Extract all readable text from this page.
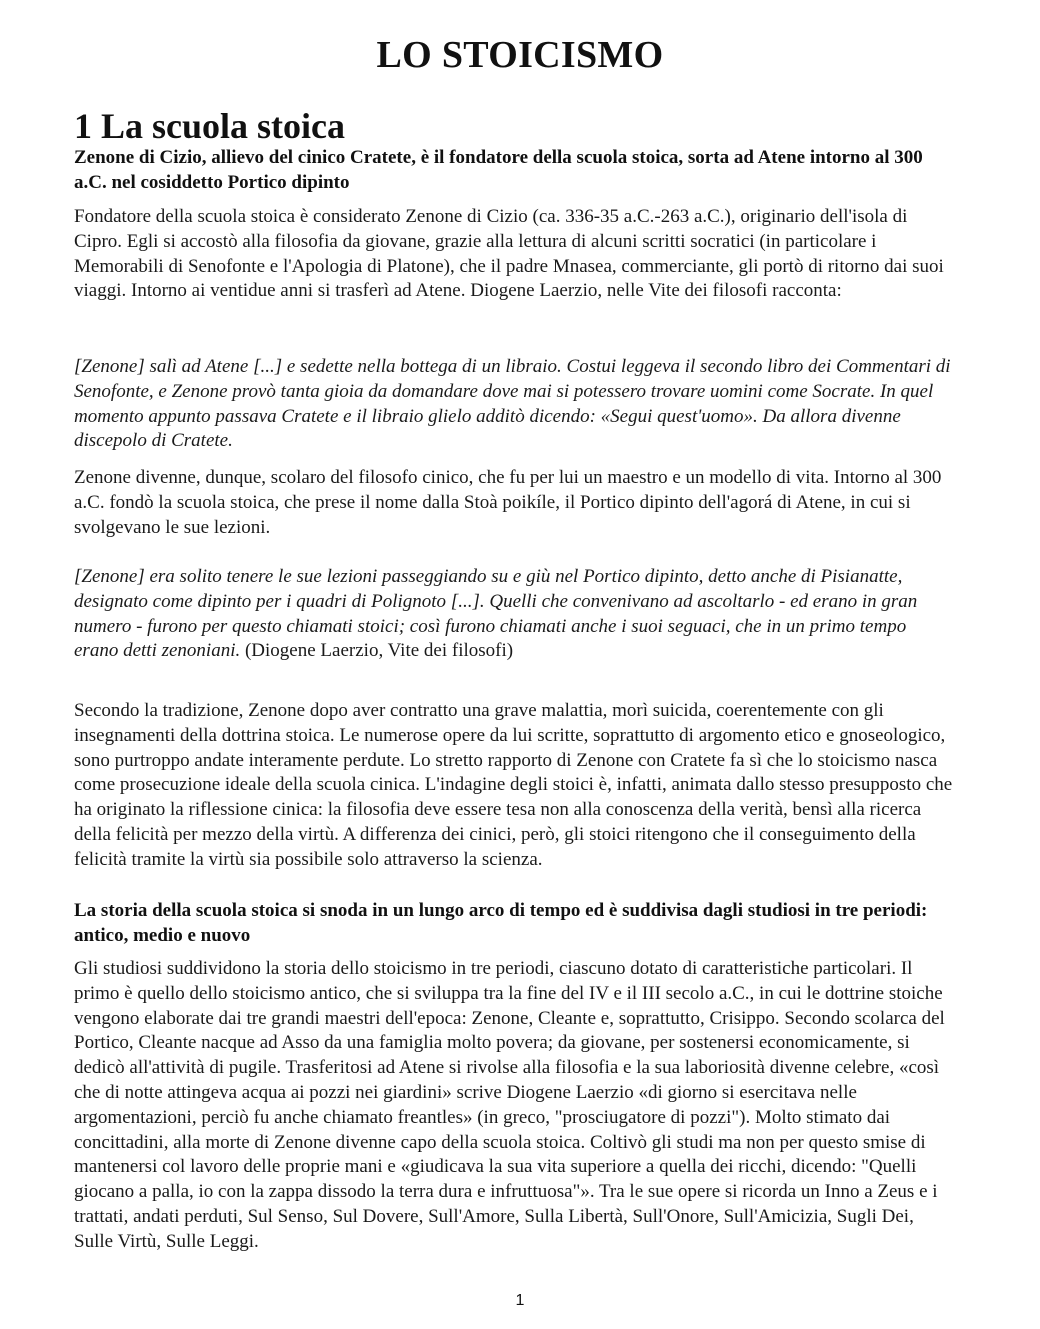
LO STOICISMO
1 La scuola stoica

Zenone di Cizio, allievo del cinico Cratete, è il fondatore della scuola stoica, sorta ad Atene intorno al 300 a.C. nel cosiddetto Portico dipinto

Fondatore della scuola stoica è considerato Zenone di Cizio (ca. 336-35 a.C.-263 a.C.), originario dell'isola di Cipro. Egli si accostò alla filosofia da giovane, grazie alla lettura di alcuni scritti socratici (in particolare i Memorabili di Senofonte e l'Apologia di Platone), che il padre Mnasea, commerciante, gli portò di ritorno dai suoi viaggi. Intorno ai ventidue anni si trasferì ad Atene. Diogene Laerzio, nelle Vite dei filosofi racconta:

[Zenone] salì ad Atene [...] e sedette nella bottega di un libraio. Costui leggeva il secondo libro dei Commentari di Senofonte, e Zenone provò tanta gioia da domandare dove mai si potessero trovare uomini come Socrate. In quel momento appunto passava Cratete e il libraio glielo additò dicendo: «Segui quest'uomo». Da allora divenne discepolo di Cratete.

Zenone divenne, dunque, scolaro del filosofo cinico, che fu per lui un maestro e un modello di vita. Intorno al 300 a.C. fondò la scuola stoica, che prese il nome dalla Stoà poikíle, il Portico dipinto dell'agorá di Atene, in cui si svolgevano le sue lezioni.

[Zenone] era solito tenere le sue lezioni passeggiando su e giù nel Portico dipinto, detto anche di Pisianatte, designato come dipinto per i quadri di Polignoto [...]. Quelli che convenivano ad ascoltarlo - ed erano in gran numero - furono per questo chiamati stoici; così furono chiamati anche i suoi seguaci, che in un primo tempo erano detti zenoniani. (Diogene Laerzio, Vite dei filosofi)

Secondo la tradizione, Zenone dopo aver contratto una grave malattia, morì suicida, coerentemente con gli insegnamenti della dottrina stoica. Le numerose opere da lui scritte, soprattutto di argomento etico e gnoseologico, sono purtroppo andate interamente perdute. Lo stretto rapporto di Zenone con Cratete fa sì che lo stoicismo nasca come prosecuzione ideale della scuola cinica. L'indagine degli stoici è, infatti, animata dallo stesso presupposto che ha originato la riflessione cinica: la filosofia deve essere tesa non alla conoscenza della verità, bensì alla ricerca della felicità per mezzo della virtù. A differenza dei cinici, però, gli stoici ritengono che il conseguimento della felicità tramite la virtù sia possibile solo attraverso la scienza.

La storia della scuola stoica si snoda in un lungo arco di tempo ed è suddivisa dagli studiosi in tre periodi: antico, medio e nuovo

Gli studiosi suddividono la storia dello stoicismo in tre periodi, ciascuno dotato di caratteristiche particolari. Il primo è quello dello stoicismo antico, che si sviluppa tra la fine del IV e il III secolo a.C., in cui le dottrine stoiche vengono elaborate dai tre grandi maestri dell'epoca: Zenone, Cleante e, soprattutto, Crisippo. Secondo scolarca del Portico, Cleante nacque ad Asso da una famiglia molto povera; da giovane, per sostenersi economicamente, si dedicò all'attività di pugile. Trasferitosi ad Atene si rivolse alla filosofia e la sua laboriosità divenne celebre, «così che di notte attingeva acqua ai pozzi nei giardini» scrive Diogene Laerzio «di giorno si esercitava nelle argomentazioni, perciò fu anche chiamato freantles» (in greco, "prosciugatore di pozzi"). Molto stimato dai concittadini, alla morte di Zenone divenne capo della scuola stoica. Coltivò gli studi ma non per questo smise di mantenersi col lavoro delle proprie mani e «giudicava la sua vita superiore a quella dei ricchi, dicendo: "Quelli giocano a palla, io con la zappa dissodo la terra dura e infruttuosa"». Tra le sue opere si ricorda un Inno a Zeus e i trattati, andati perduti, Sul Senso, Sul Dovere, Sull'Amore, Sulla Libertà, Sull'Onore, Sull'Amicizia, Sugli Dei, Sulle Virtù, Sulle Leggi.

1
